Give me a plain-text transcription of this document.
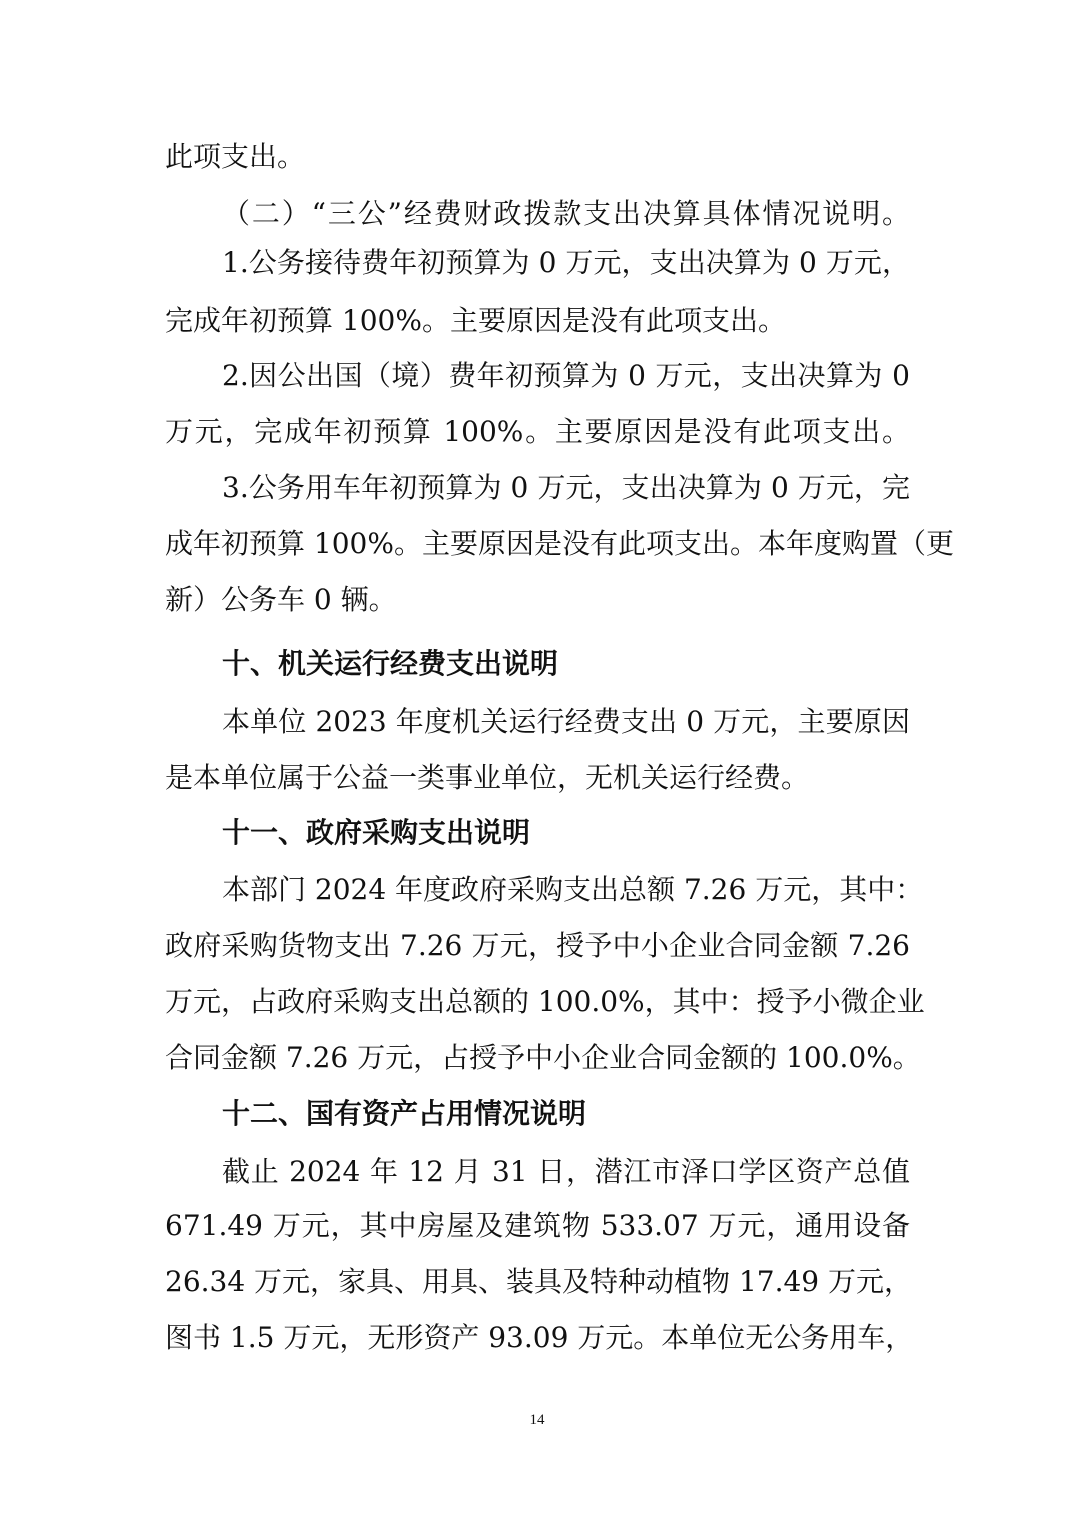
此项支出。

（二）“三公”经费财政拨款支出决算具体情况说明。

1.公务接待费年初预算为 0 万元，支出决算为 0 万元，

完成年初预算 100%。主要原因是没有此项支出。

2.因公出国（境）费年初预算为 0 万元，支出决算为 0

万元，完成年初预算 100%。主要原因是没有此项支出。

3.公务用车年初预算为 0 万元，支出决算为 0 万元，完

成年初预算 100%。主要原因是没有此项支出。本年度购置（更

新）公务车 0 辆。

十、机关运行经费支出说明

本单位 2023 年度机关运行经费支出 0 万元，主要原因

是本单位属于公益一类事业单位，无机关运行经费。

十一、政府采购支出说明

本部门 2024 年度政府采购支出总额 7.26 万元，其中：

政府采购货物支出 7.26 万元，授予中小企业合同金额 7.26

万元，占政府采购支出总额的 100.0%，其中：授予小微企业

合同金额 7.26 万元，占授予中小企业合同金额的 100.0%。

十二、国有资产占用情况说明

截止 2024 年 12 月 31 日，潜江市泽口学区资产总值

671.49 万元，其中房屋及建筑物 533.07 万元，通用设备

26.34 万元，家具、用具、装具及特种动植物 17.49 万元，

图书 1.5 万元，无形资产 93.09 万元。本单位无公务用车，

14
